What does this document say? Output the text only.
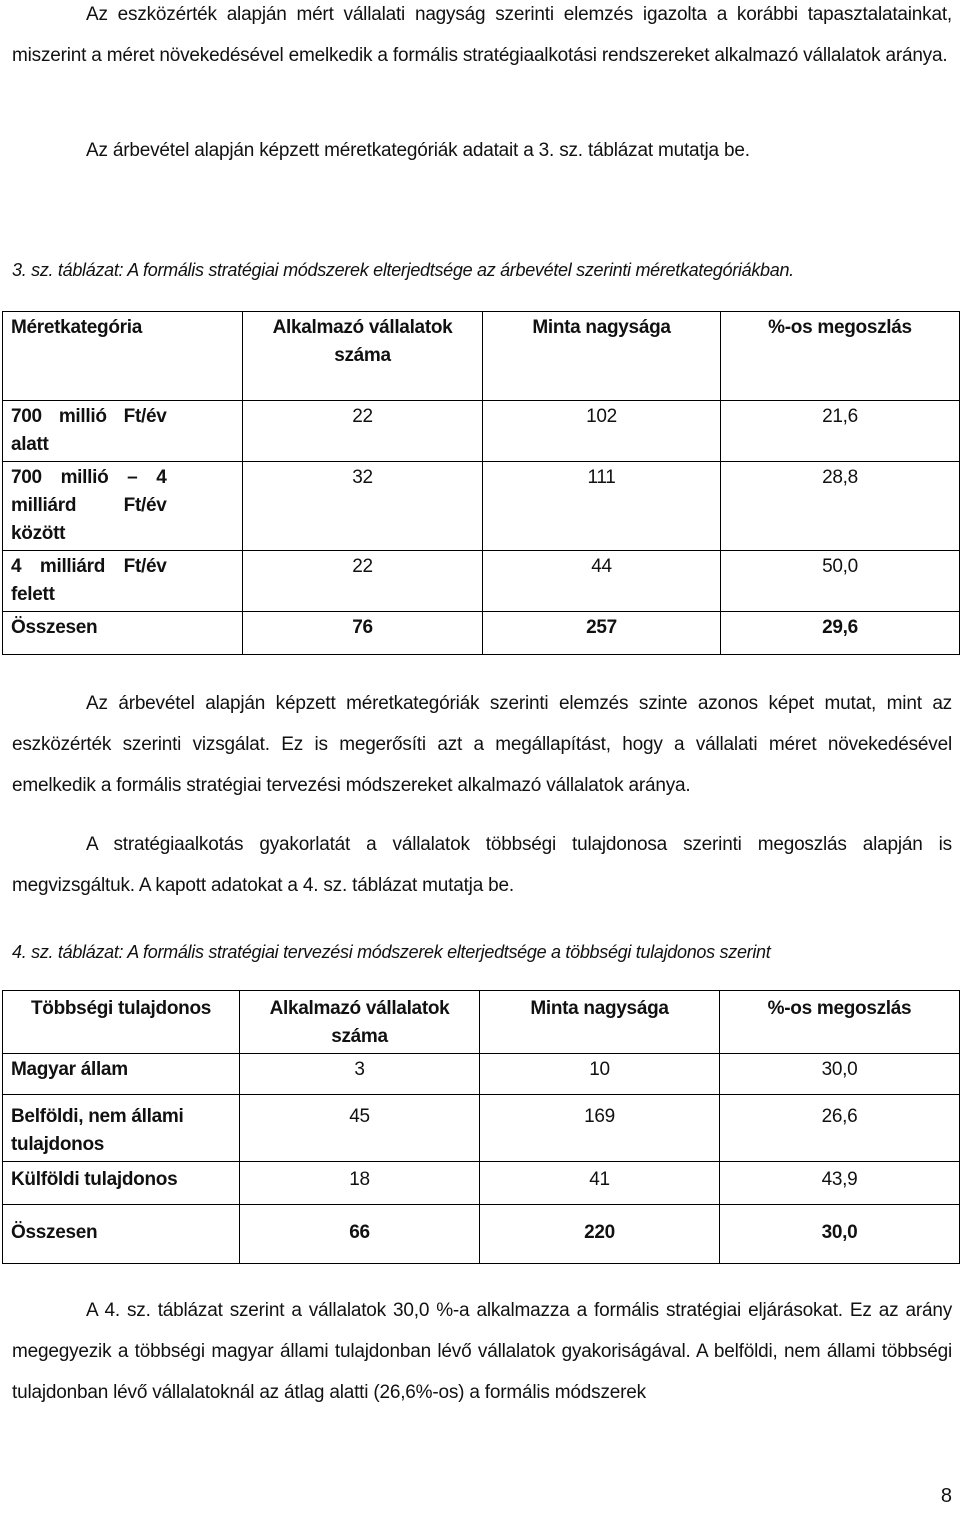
Az eszközérték alapján mért vállalati nagyság szerinti elemzés igazolta a korábbi tapasztalatainkat, miszerint a méret növekedésével emelkedik a formális stratégiaalkotási rendszereket alkalmazó vállalatok aránya.

Az árbevétel alapján képzett méretkategóriák adatait a 3. sz. táblázat mutatja be.

3. sz. táblázat: A formális stratégiai módszerek elterjedtsége az árbevétel szerinti méretkategóriákban.

Méretkategória		Alkalmazó vállalatok száma	Minta nagysága	%-os megoszlás
700 millió Ft/év alatt		22	102	21,6
700 millió – 4 milliárd Ft/év között		32	111	28,8
4 milliárd Ft/év felett		22	44	50,0
Összesen		76	257	29,6

Az árbevétel alapján képzett méretkategóriák szerinti elemzés szinte azonos képet mutat, mint az eszközérték szerinti vizsgálat. Ez is megerősíti azt a megállapítást, hogy a vállalati méret növekedésével emelkedik a formális stratégiai tervezési módszereket alkalmazó vállalatok aránya.

A stratégiaalkotás gyakorlatát a vállalatok többségi tulajdonosa szerinti megoszlás alapján is megvizsgáltuk. A kapott adatokat a 4. sz. táblázat mutatja be.

4. sz. táblázat: A formális stratégiai tervezési módszerek elterjedtsége a többségi tulajdonos szerint

Többségi tulajdonos	Alkalmazó vállalatok száma	Minta nagysága	%-os megoszlás
Magyar állam	3	10	30,0
Belföldi, nem állami tulajdonos	45	169	26,6
Külföldi tulajdonos	18	41	43,9
Összesen	66	220	30,0

A 4. sz. táblázat szerint a vállalatok 30,0 %-a alkalmazza a formális stratégiai eljárásokat. Ez az arány megegyezik a többségi magyar állami tulajdonban lévő vállalatok gyakoriságával. A belföldi, nem állami többségi tulajdonban lévő vállalatoknál az átlag alatti (26,6%-os) a formális módszerek

8
